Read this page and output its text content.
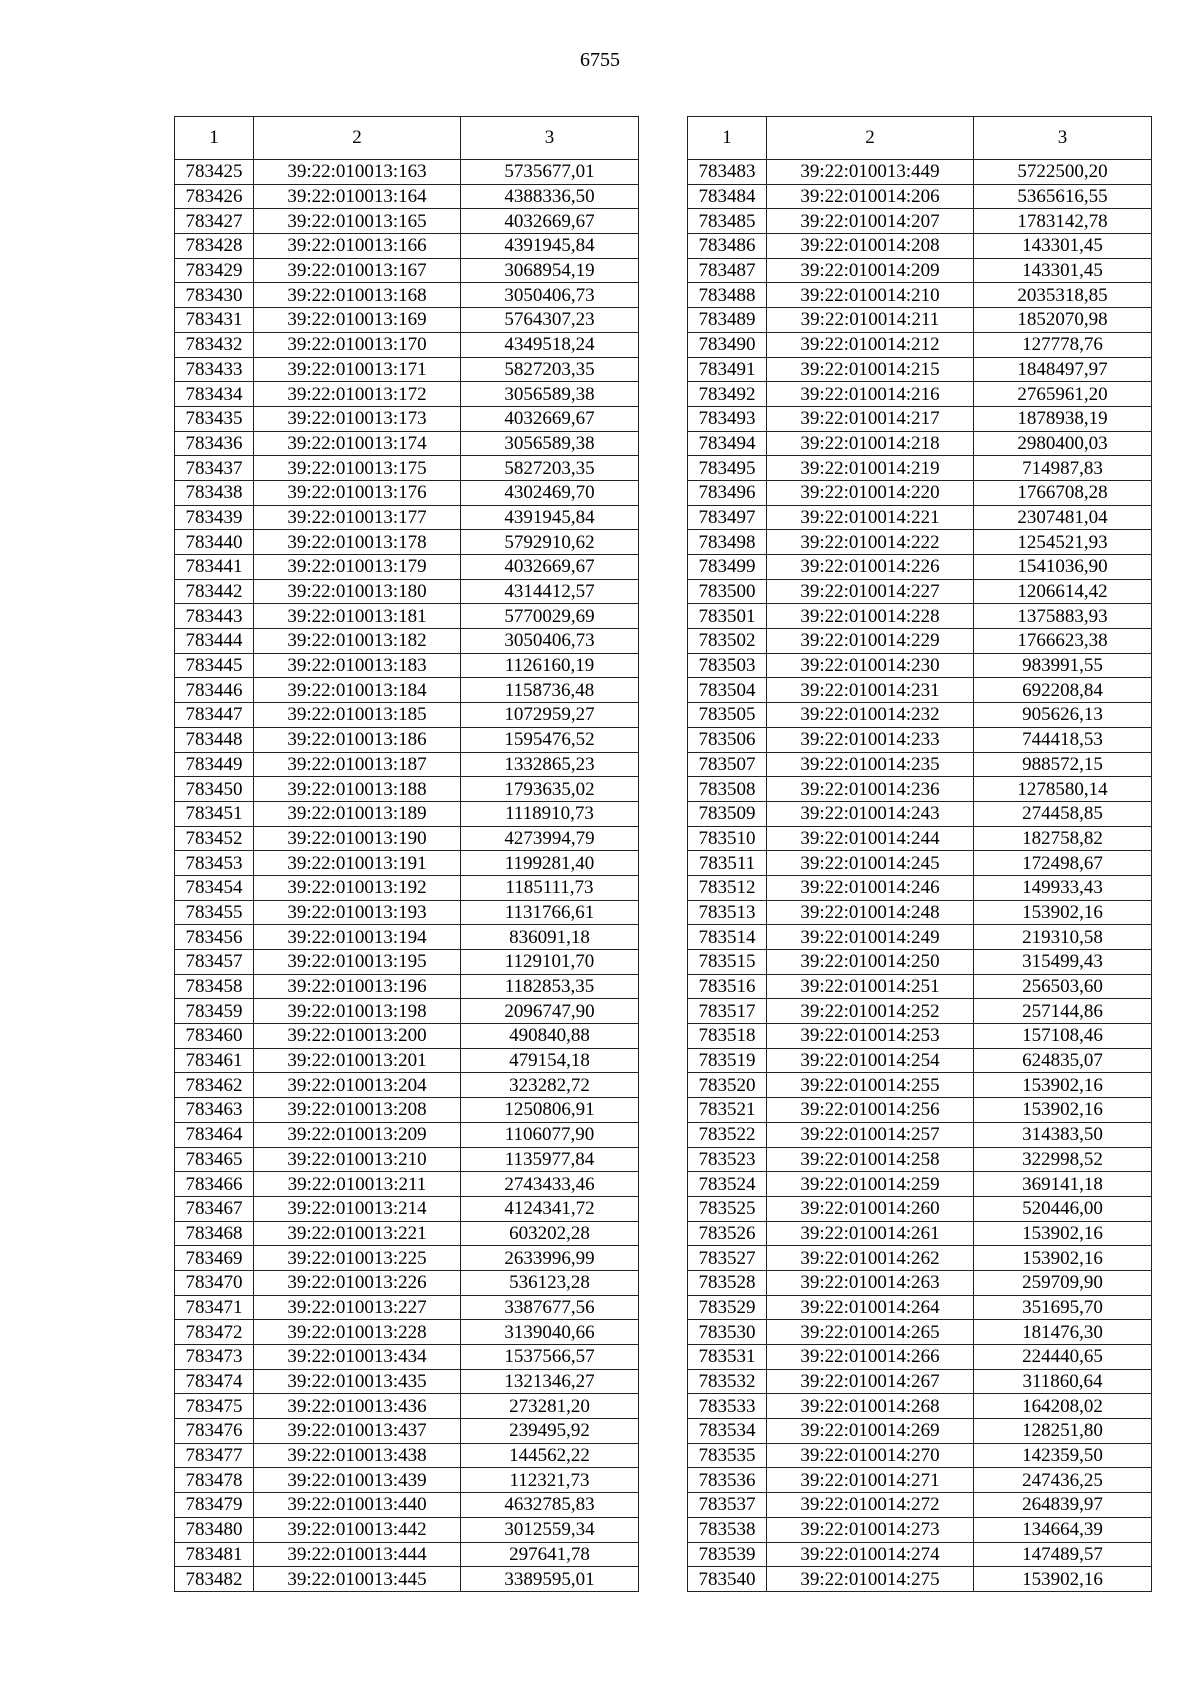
6755
1	2	3
783425	39:22:010013:163	5735677,01
783426	39:22:010013:164	4388336,50
783427	39:22:010013:165	4032669,67
783428	39:22:010013:166	4391945,84
783429	39:22:010013:167	3068954,19
783430	39:22:010013:168	3050406,73
783431	39:22:010013:169	5764307,23
783432	39:22:010013:170	4349518,24
783433	39:22:010013:171	5827203,35
783434	39:22:010013:172	3056589,38
783435	39:22:010013:173	4032669,67
783436	39:22:010013:174	3056589,38
783437	39:22:010013:175	5827203,35
783438	39:22:010013:176	4302469,70
783439	39:22:010013:177	4391945,84
783440	39:22:010013:178	5792910,62
783441	39:22:010013:179	4032669,67
783442	39:22:010013:180	4314412,57
783443	39:22:010013:181	5770029,69
783444	39:22:010013:182	3050406,73
783445	39:22:010013:183	1126160,19
783446	39:22:010013:184	1158736,48
783447	39:22:010013:185	1072959,27
783448	39:22:010013:186	1595476,52
783449	39:22:010013:187	1332865,23
783450	39:22:010013:188	1793635,02
783451	39:22:010013:189	1118910,73
783452	39:22:010013:190	4273994,79
783453	39:22:010013:191	1199281,40
783454	39:22:010013:192	1185111,73
783455	39:22:010013:193	1131766,61
783456	39:22:010013:194	836091,18
783457	39:22:010013:195	1129101,70
783458	39:22:010013:196	1182853,35
783459	39:22:010013:198	2096747,90
783460	39:22:010013:200	490840,88
783461	39:22:010013:201	479154,18
783462	39:22:010013:204	323282,72
783463	39:22:010013:208	1250806,91
783464	39:22:010013:209	1106077,90
783465	39:22:010013:210	1135977,84
783466	39:22:010013:211	2743433,46
783467	39:22:010013:214	4124341,72
783468	39:22:010013:221	603202,28
783469	39:22:010013:225	2633996,99
783470	39:22:010013:226	536123,28
783471	39:22:010013:227	3387677,56
783472	39:22:010013:228	3139040,66
783473	39:22:010013:434	1537566,57
783474	39:22:010013:435	1321346,27
783475	39:22:010013:436	273281,20
783476	39:22:010013:437	239495,92
783477	39:22:010013:438	144562,22
783478	39:22:010013:439	112321,73
783479	39:22:010013:440	4632785,83
783480	39:22:010013:442	3012559,34
783481	39:22:010013:444	297641,78
783482	39:22:010013:445	3389595,01
1	2	3
783483	39:22:010013:449	5722500,20
783484	39:22:010014:206	5365616,55
783485	39:22:010014:207	1783142,78
783486	39:22:010014:208	143301,45
783487	39:22:010014:209	143301,45
783488	39:22:010014:210	2035318,85
783489	39:22:010014:211	1852070,98
783490	39:22:010014:212	127778,76
783491	39:22:010014:215	1848497,97
783492	39:22:010014:216	2765961,20
783493	39:22:010014:217	1878938,19
783494	39:22:010014:218	2980400,03
783495	39:22:010014:219	714987,83
783496	39:22:010014:220	1766708,28
783497	39:22:010014:221	2307481,04
783498	39:22:010014:222	1254521,93
783499	39:22:010014:226	1541036,90
783500	39:22:010014:227	1206614,42
783501	39:22:010014:228	1375883,93
783502	39:22:010014:229	1766623,38
783503	39:22:010014:230	983991,55
783504	39:22:010014:231	692208,84
783505	39:22:010014:232	905626,13
783506	39:22:010014:233	744418,53
783507	39:22:010014:235	988572,15
783508	39:22:010014:236	1278580,14
783509	39:22:010014:243	274458,85
783510	39:22:010014:244	182758,82
783511	39:22:010014:245	172498,67
783512	39:22:010014:246	149933,43
783513	39:22:010014:248	153902,16
783514	39:22:010014:249	219310,58
783515	39:22:010014:250	315499,43
783516	39:22:010014:251	256503,60
783517	39:22:010014:252	257144,86
783518	39:22:010014:253	157108,46
783519	39:22:010014:254	624835,07
783520	39:22:010014:255	153902,16
783521	39:22:010014:256	153902,16
783522	39:22:010014:257	314383,50
783523	39:22:010014:258	322998,52
783524	39:22:010014:259	369141,18
783525	39:22:010014:260	520446,00
783526	39:22:010014:261	153902,16
783527	39:22:010014:262	153902,16
783528	39:22:010014:263	259709,90
783529	39:22:010014:264	351695,70
783530	39:22:010014:265	181476,30
783531	39:22:010014:266	224440,65
783532	39:22:010014:267	311860,64
783533	39:22:010014:268	164208,02
783534	39:22:010014:269	128251,80
783535	39:22:010014:270	142359,50
783536	39:22:010014:271	247436,25
783537	39:22:010014:272	264839,97
783538	39:22:010014:273	134664,39
783539	39:22:010014:274	147489,57
783540	39:22:010014:275	153902,16
